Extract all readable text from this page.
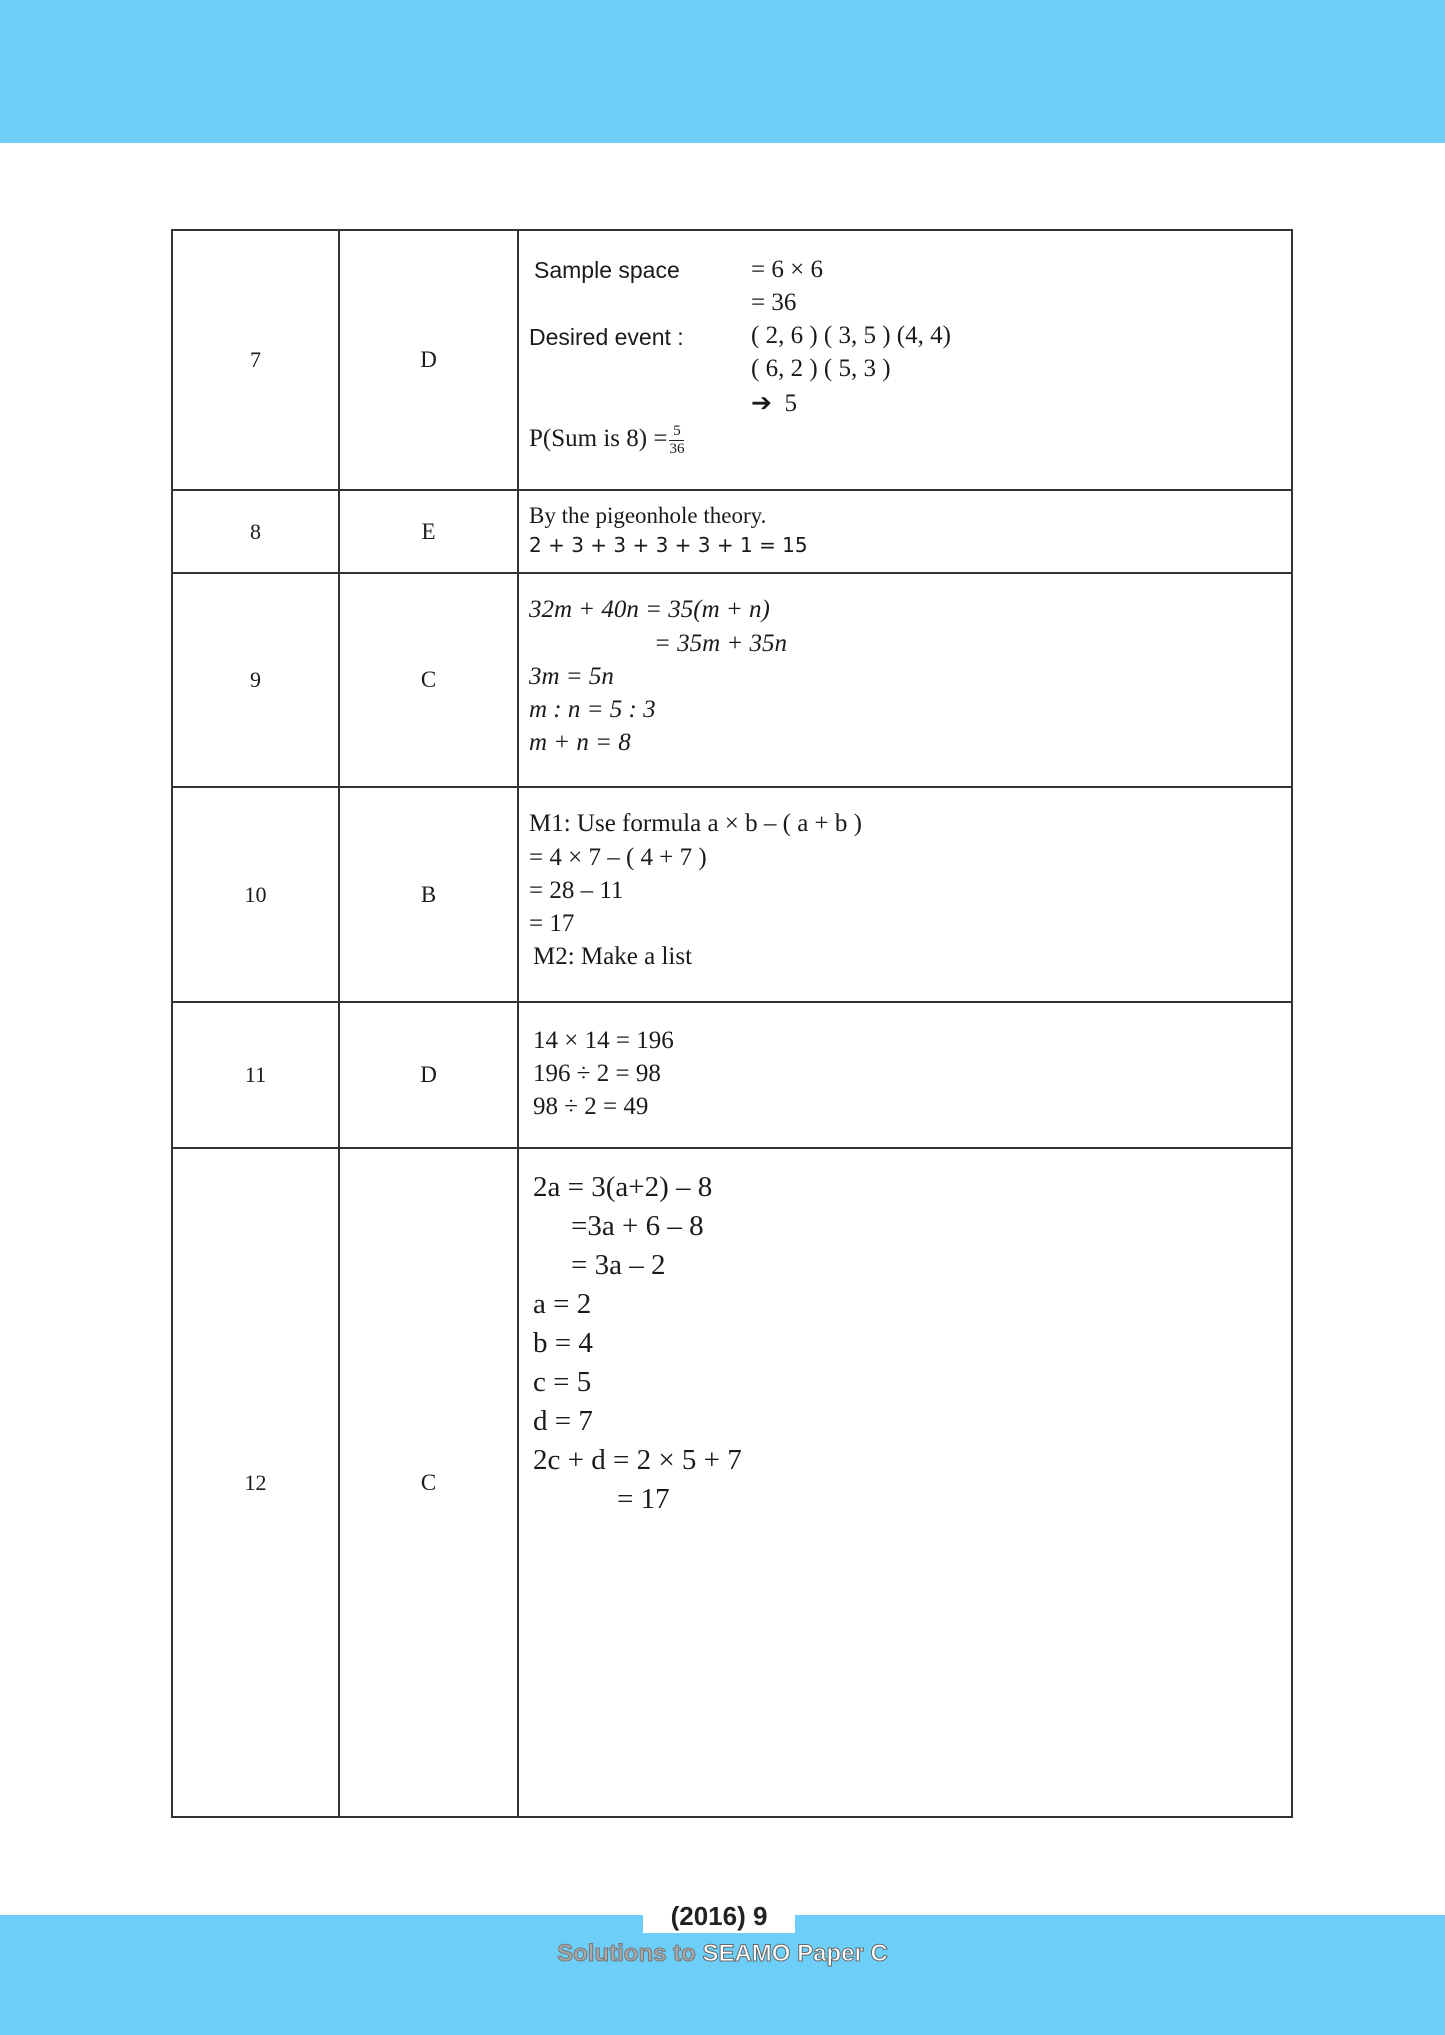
7	D	
Sample space	= 6 × 6
= 36
Desired event :	( 2, 6 ) ( 3, 5 ) (4, 4)
( 6, 2 ) ( 5, 3 )
➔ 5
P(Sum is $8) = \frac{5}{36}$

8	E	By the pigeonhole theory.
2 + 3 + 3 + 3 + 3 + 1 = 15

9	C	32m + 40n = 35(m + n)
= 35m + 35n
3m = 5n
m : n = 5 : 3
m + n = 8

10	B	M1: Use formula a × b – ( a + b )
= 4 × 7 – ( 4 + 7 )
= 28 – 11
= 17
M2: Make a list

11	D	14 × 14 = 196
196 ÷ 2 = 98
98 ÷ 2 = 49

12	C	
2a = 3(a+2) – 8
=3a + 6 – 8
= 3a – 2
a = 2
b = 4
c = 5
d = 7
2c + d = 2 × 5 + 7
= 17
(2016) 9
Solutions to SEAMO Paper C
